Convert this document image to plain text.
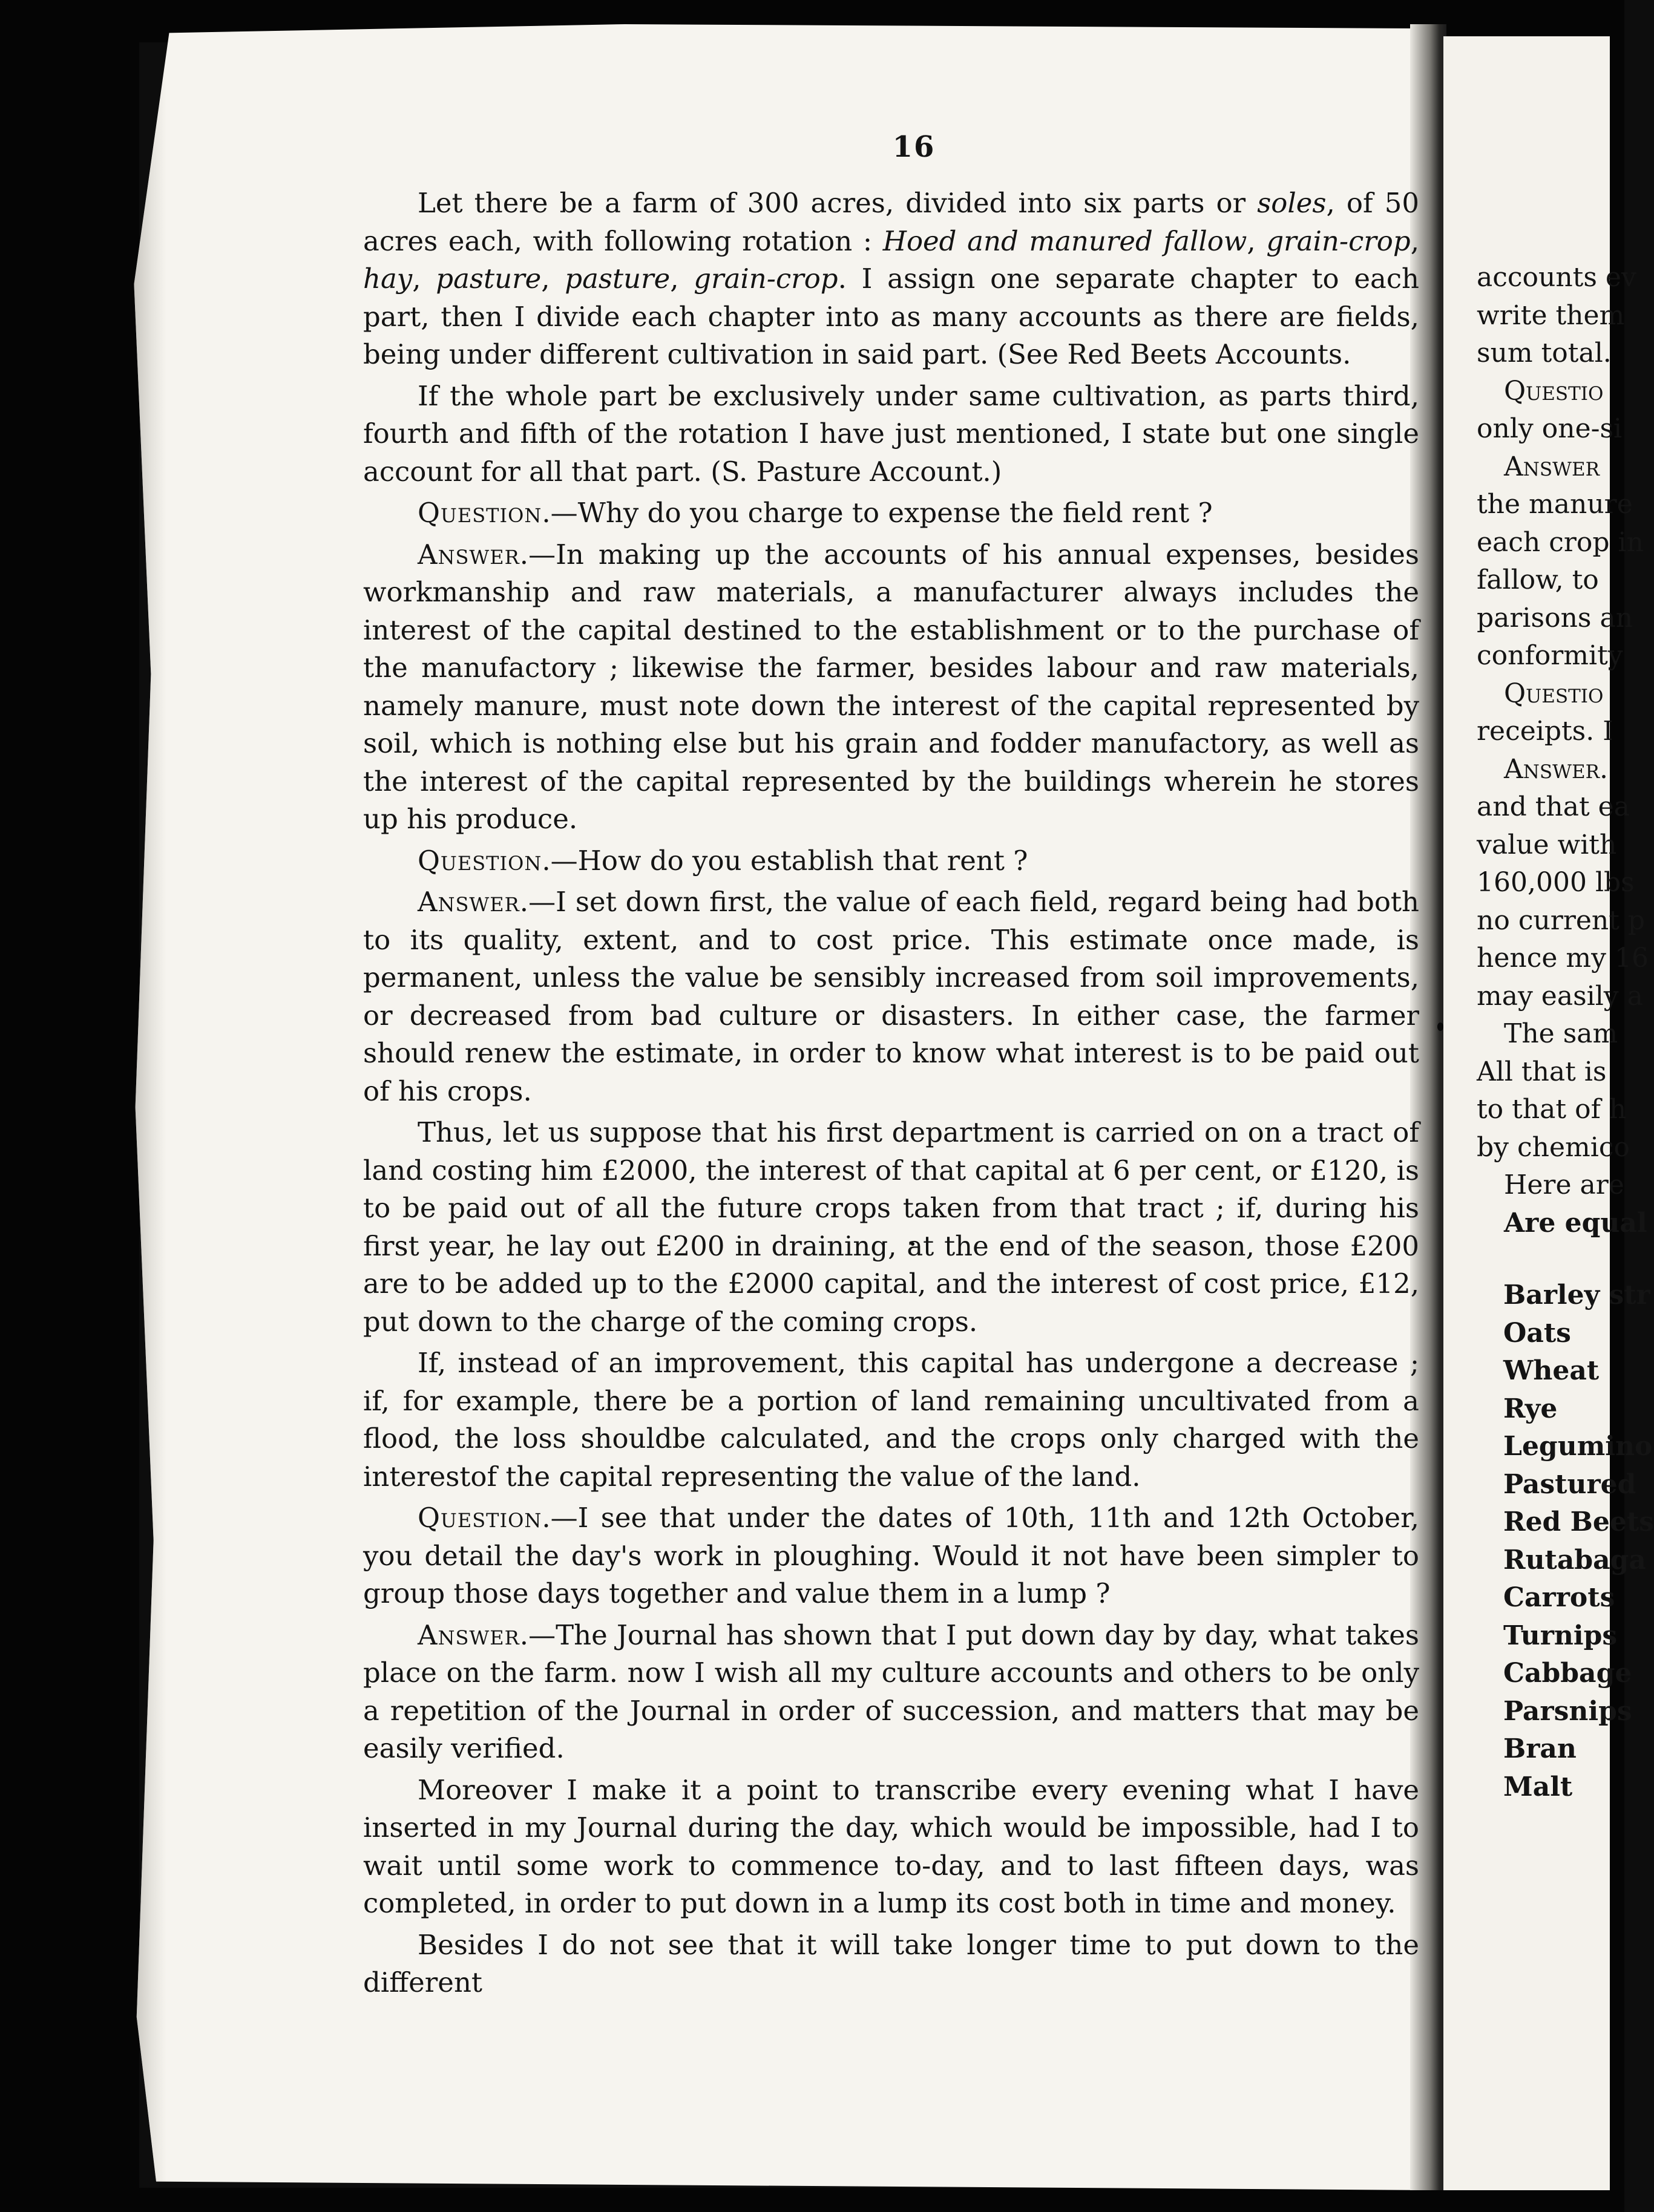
16

Let there be a farm of 300 acres, divided into six parts or soles, of 50 acres each, with following rotation : Hoed and manured fallow, grain-crop, hay, pasture, pasture, grain-crop. I assign one separate chapter to each part, then I divide each chapter into as many accounts as there are fields, being under different cultivation in said part. (See Red Beets Accounts.

If the whole part be exclusively under same cultivation, as parts third, fourth and fifth of the rotation I have just mentioned, I state but one single account for all that part. (S. Pasture Account.)

Question.—Why do you charge to expense the field rent ?

Answer.—In making up the accounts of his annual expenses, besides workmanship and raw materials, a manufacturer always includes the interest of the capital destined to the establishment or to the purchase of the manufactory ; likewise the farmer, besides labour and raw materials, namely manure, must note down the interest of the capital represented by soil, which is nothing else but his grain and fodder manufactory, as well as the interest of the capital represented by the buildings wherein he stores up his produce.

Question.—How do you establish that rent ?

Answer.—I set down first, the value of each field, regard being had both to its quality, extent, and to cost price. This estimate once made, is permanent, unless the value be sensibly increased from soil improvements, or decreased from bad culture or disasters. In either case, the farmer should renew the estimate, in order to know what interest is to be paid out of his crops.

Thus, let us suppose that his first department is carried on on a tract of land costing him £2000, the interest of that capital at 6 per cent, or £120, is to be paid out of all the future crops taken from that tract ; if, during his first year, he lay out £200 in draining, at the end of the season, those £200 are to be added up to the £2000 capital, and the interest of cost price, £12, put down to the charge of the coming crops.

If, instead of an improvement, this capital has undergone a decrease ; if, for example, there be a portion of land remaining uncultivated from a flood, the loss shouldbe calculated, and the crops only charged with the interestof the capital representing the value of the land.

Question.—I see that under the dates of 10th, 11th and 12th October, you detail the day's work in ploughing. Would it not have been simpler to group those days together and value them in a lump ?

Answer.—The Journal has shown that I put down day by day, what takes place on the farm. now I wish all my culture accounts and others to be only a repetition of the Journal in order of succession, and matters that may be easily verified.

Moreover I make it a point to transcribe every evening what I have inserted in my Journal during the day, which would be impossible, had I to wait until some work to commence to-day, and to last fifteen days, was completed, in order to put down in a lump its cost both in time and money.

Besides I do not see that it will take longer time to put down to the different

accounts ev
write them
sum total.
Questio
only one-si
Answer
the manure
each crop in
fallow, to
parisons an
conformity
Questio
receipts. I
Answer.
and that ea
value with
160,000 lbs
no current p
hence my 16
may easily a
The sam
All that is
to that of h
by chemico
Here are
Are equal
Barley str
Oats
Wheat
Rye
Legumino
Pastured
Red Beets
Rutabaga
Carrots
Turnips
Cabbage
Parsnips
Bran
Malt
